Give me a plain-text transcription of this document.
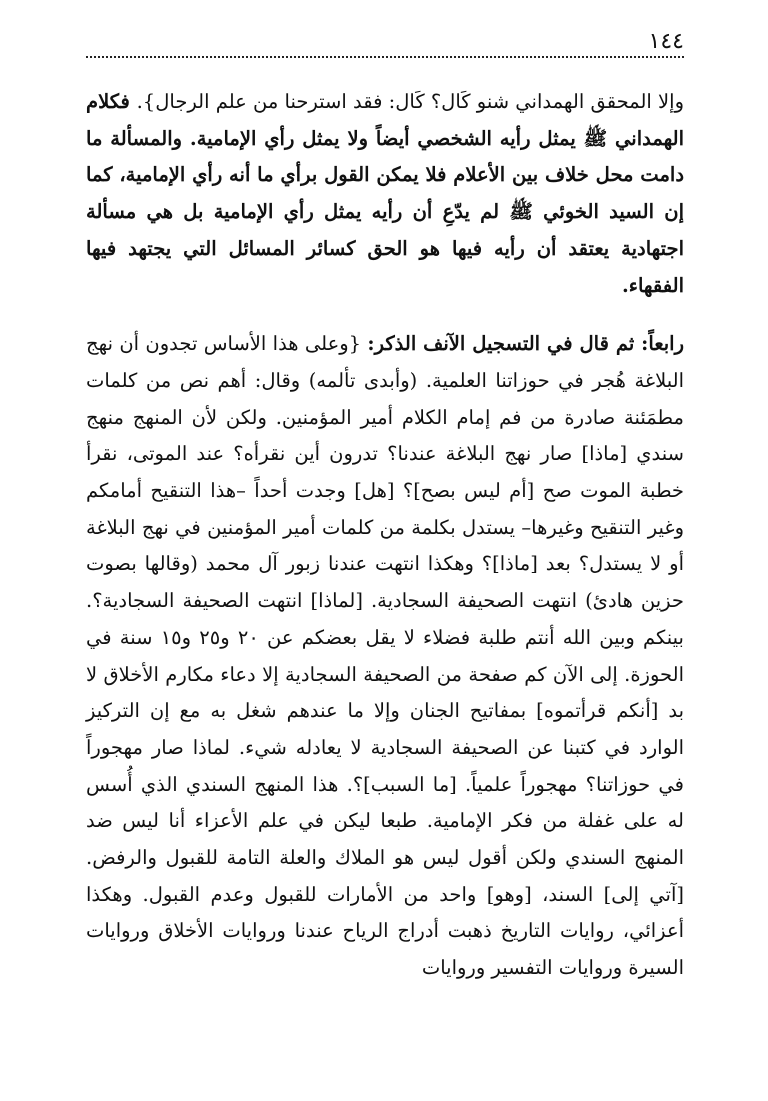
١٤٤

وإلا المحقق الهمداني شنو كَال؟ كَال: فقد استرحنا من علم الرجال}. فكلام الهمداني ﷺ يمثل رأيه الشخصي أيضاً ولا يمثل رأي الإمامية. والمسألة ما دامت محل خلاف بين الأعلام فلا يمكن القول برأي ما أنه رأي الإمامية، كما إن السيد الخوئي ﷺ لم يدّعِ أن رأيه يمثل رأي الإمامية بل هي مسألة اجتهادية يعتقد أن رأيه فيها هو الحق كسائر المسائل التي يجتهد فيها الفقهاء.

رابعاً: ثم قال في التسجيل الآنف الذكر: {وعلى هذا الأساس تجدون أن نهج البلاغة هُجر في حوزاتنا العلمية. (وأبدى تألمه) وقال: أهم نص من كلمات مطمَئنة صادرة من فم إمام الكلام أمير المؤمنين. ولكن لأن المنهج منهج سندي [ماذا] صار نهج البلاغة عندنا؟ تدرون أين نقرأه؟ عند الموتى، نقرأ خطبة الموت صح [أم ليس بصح]؟ [هل] وجدت أحداً –هذا التنقيح أمامكم وغير التنقيح وغيرها– يستدل بكلمة من كلمات أمير المؤمنين في نهج البلاغة أو لا يستدل؟ بعد [ماذا]؟ وهكذا انتهت عندنا زبور آل محمد (وقالها بصوت حزين هادئ) انتهت الصحيفة السجادية. [لماذا] انتهت الصحيفة السجادية؟. بينكم وبين الله أنتم طلبة فضلاء لا يقل بعضكم عن ٢٠ و٢٥ و١٥ سنة في الحوزة. إلى الآن كم صفحة من الصحيفة السجادية إلا دعاء مكارم الأخلاق لا بد [أنكم قرأتموه] بمفاتيح الجنان وإلا ما عندهم شغل به مع إن التركيز الوارد في كتبنا عن الصحيفة السجادية لا يعادله شيء. لماذا صار مهجوراً في حوزاتنا؟ مهجوراً علمياً. [ما السبب]؟. هذا المنهج السندي الذي أُسس له على غفلة من فكر الإمامية. طبعا ليكن في علم الأعزاء أنا ليس ضد المنهج السندي ولكن أقول ليس هو الملاك والعلة التامة للقبول والرفض. [آتي إلى] السند، [وهو] واحد من الأمارات للقبول وعدم القبول. وهكذا أعزائي، روايات التاريخ ذهبت أدراج الرياح عندنا وروايات الأخلاق وروايات السيرة وروايات التفسير وروايات
